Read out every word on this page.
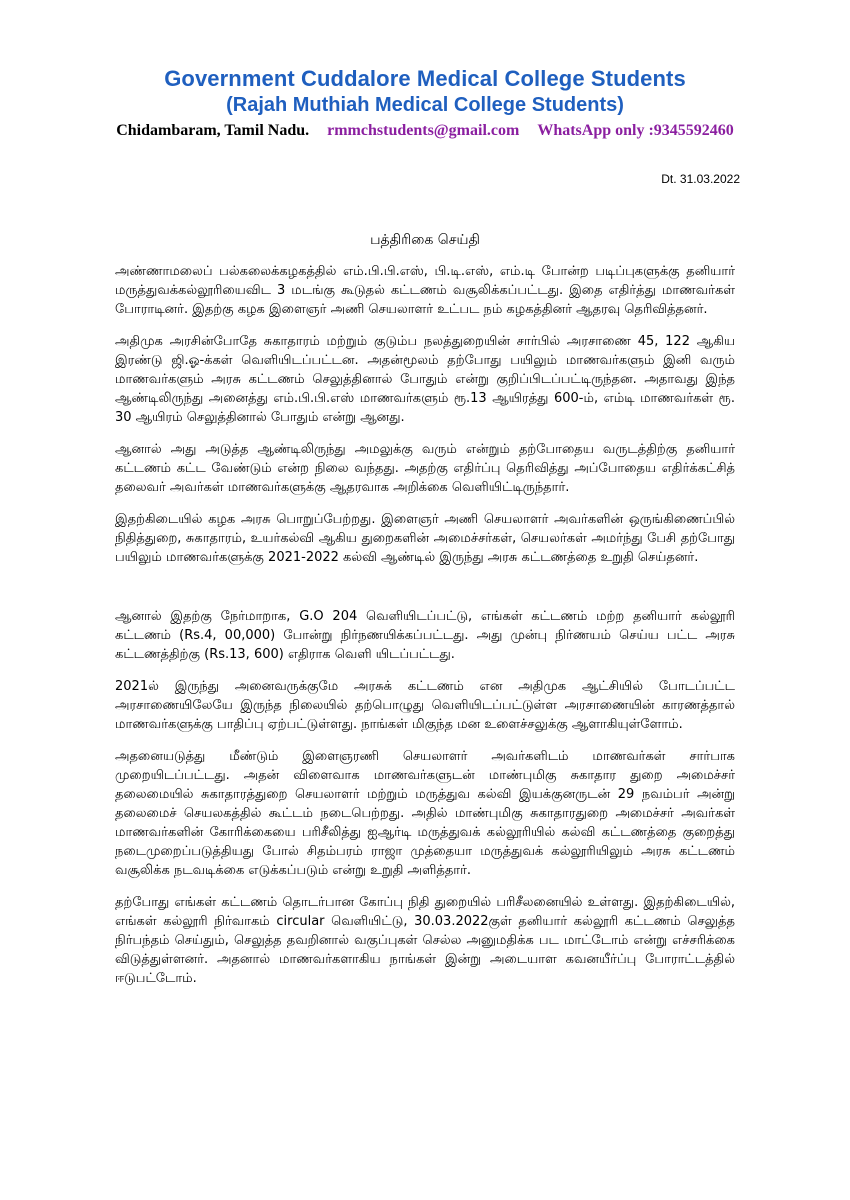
Government Cuddalore Medical College Students
(Rajah Muthiah Medical College Students)
Chidambaram, Tamil Nadu. rmmchstudents@gmail.com WhatsApp only :9345592460
Dt. 31.03.2022
பத்திரிகை செய்தி

அண்ணாமலைப் பல்கலைக்கழகத்தில் எம்.பி.பி.எஸ், பி.டி.எஸ், எம்.டி போன்ற படிப்புகளுக்கு தனியார் மருத்துவக்கல்லூரியைவிட 3 மடங்கு கூடுதல் கட்டணம் வசூலிக்கப்பட்டது. இதை எதிர்த்து மாணவர்கள் போராடினர். இதற்கு கழக இளைஞர் அணி செயலாளர் உட்பட நம் கழகத்தினர் ஆதரவு தெரிவித்தனர்.

அதிமுக அரசின்போதே சுகாதாரம் மற்றும் குடும்ப நலத்துறையின் சார்பில் அரசாணை 45, 122 ஆகிய இரண்டு ஜி.ஓ-க்கள் வெளியிடப்பட்டன. அதன்மூலம் தற்போது பயிலும் மாணவர்களும் இனி வரும் மாணவர்களும் அரசு கட்டணம் செலுத்தினால் போதும் என்று குறிப்பிடப்பட்டிருந்தன. அதாவது இந்த ஆண்டிலிருந்து அனைத்து எம்.பி.பி.எஸ் மாணவர்களும் ரூ.13 ஆயிரத்து 600-ம், எம்டி மாணவர்கள் ரூ. 30 ஆயிரம் செலுத்தினால் போதும் என்று ஆனது.

ஆனால் அது அடுத்த ஆண்டிலிருந்து அமலுக்கு வரும் என்றும் தற்போதைய வருடத்திற்கு தனியார் கட்டணம் கட்ட வேண்டும் என்ற நிலை வந்தது. அதற்கு எதிர்ப்பு தெரிவித்து அப்போதைய எதிர்க்கட்சித் தலைவர் அவர்கள் மாணவர்களுக்கு ஆதரவாக அறிக்கை வெளியிட்டிருந்தார்.

இதற்கிடையில் கழக அரசு பொறுப்பேற்றது. இளைஞர் அணி செயலாளர் அவர்களின் ஒருங்கிணைப்பில் நிதித்துறை, சுகாதாரம், உயர்கல்வி ஆகிய துறைகளின் அமைச்சர்கள், செயலர்கள் அமர்ந்து பேசி தற்போது பயிலும் மாணவர்களுக்கு 2021-2022 கல்வி ஆண்டில் இருந்து அரசு கட்டணத்தை உறுதி செய்தனர்.

ஆனால் இதற்கு நேர்மாறாக, G.O 204 வெளியிடப்பட்டு, எங்கள் கட்டணம் மற்ற தனியார் கல்லூரி கட்டணம் (Rs.4, 00,000) போன்று நிர்நணயிக்கப்பட்டது. அது முன்பு நிர்ணயம் செய்ய பட்ட அரசு கட்டணத்திற்கு (Rs.13, 600) எதிராக வெளி யிடப்பட்டது.

2021ல் இருந்து அனைவருக்குமே அரசுக் கட்டணம் என அதிமுக ஆட்சியில் போடப்பட்ட அரசாணையிலேயே இருந்த நிலையில் தற்பொழுது வெளியிடப்பட்டுள்ள அரசாணையின் காரணத்தால் மாணவர்களுக்கு பாதிப்பு ஏற்பட்டுள்ளது. நாங்கள் மிகுந்த மன உளைச்சலுக்கு ஆளாகியுள்ளோம்.

அதனையடுத்து மீண்டும் இளைஞரணி செயலாளர் அவர்களிடம் மாணவர்கள் சார்பாக முறையிடப்பட்டது. அதன் விளைவாக மாணவர்களுடன் மாண்புமிகு சுகாதார துறை அமைச்சர் தலைமையில் சுகாதாரத்துறை செயலாளர் மற்றும் மருத்துவ கல்வி இயக்குனருடன் 29 நவம்பர் அன்று தலைமைச் செயலகத்தில் கூட்டம் நடைபெற்றது. அதில் மாண்புமிகு சுகாதாரதுறை அமைச்சர் அவர்கள் மாணவர்களின் கோரிக்கையை பரிசீலித்து ஐஆர்டி மருத்துவக் கல்லூரியில் கல்வி கட்டணத்தை குறைத்து நடைமுறைப்படுத்தியது போல் சிதம்பரம் ராஜா முத்தையா மருத்துவக் கல்லூரியிலும் அரசு கட்டணம் வசூலிக்க நடவடிக்கை எடுக்கப்படும் என்று உறுதி அளித்தார்.

தற்போது எங்கள் கட்டணம் தொடர்பான கோப்பு நிதி துறையில் பரிசீலனையில் உள்ளது. இதற்கிடையில், எங்கள் கல்லூரி நிர்வாகம் circular வெளியிட்டு, 30.03.2022குள் தனியார் கல்லூரி கட்டணம் செலுத்த நிர்பந்தம் செய்தும், செலுத்த தவறினால் வகுப்புகள் செல்ல அனுமதிக்க பட மாட்டோம் என்று எச்சரிக்கை விடுத்துள்ளனர். அதனால் மாணவர்களாகிய நாங்கள் இன்று அடையாள கவனயீர்ப்பு போராட்டத்தில் ஈடுபட்டோம்.
